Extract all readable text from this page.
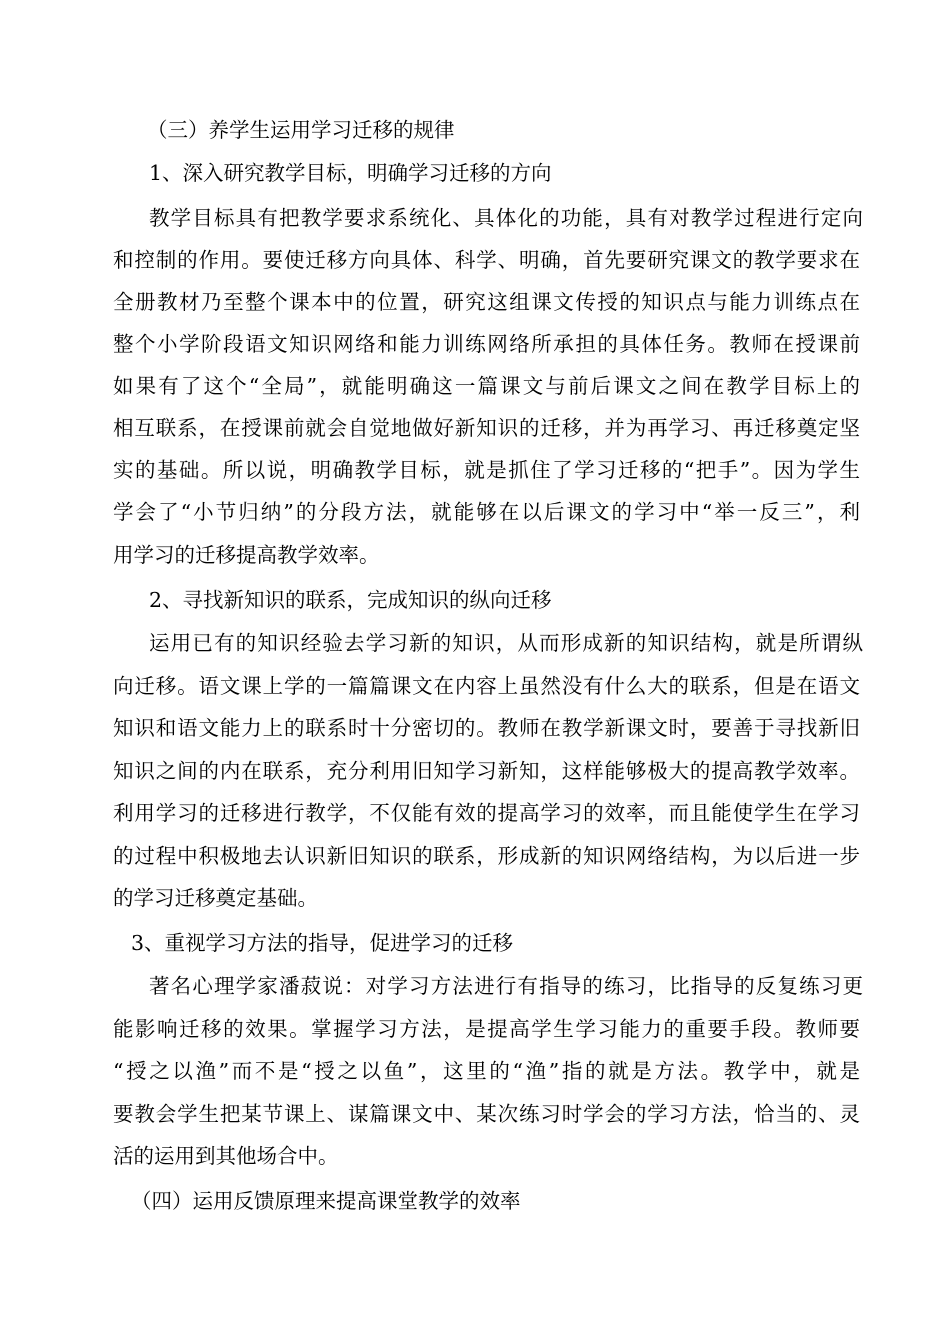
（三）养学生运用学习迁移的规律
1、深入研究教学目标，明确学习迁移的方向
教学目标具有把教学要求系统化、具体化的功能，具有对教学过程进行定向
和控制的作用。要使迁移方向具体、科学、明确，首先要研究课文的教学要求在
全册教材乃至整个课本中的位置，研究这组课文传授的知识点与能力训练点在
整个小学阶段语文知识网络和能力训练网络所承担的具体任务。教师在授课前
如果有了这个“全局”，就能明确这一篇课文与前后课文之间在教学目标上的
相互联系，在授课前就会自觉地做好新知识的迁移，并为再学习、再迁移奠定坚
实的基础。所以说，明确教学目标，就是抓住了学习迁移的“把手”。因为学生
学会了“小节归纳”的分段方法，就能够在以后课文的学习中“举一反三”，利
用学习的迁移提高教学效率。
2、寻找新知识的联系，完成知识的纵向迁移
运用已有的知识经验去学习新的知识，从而形成新的知识结构，就是所谓纵
向迁移。语文课上学的一篇篇课文在内容上虽然没有什么大的联系，但是在语文
知识和语文能力上的联系时十分密切的。教师在教学新课文时，要善于寻找新旧
知识之间的内在联系，充分利用旧知学习新知，这样能够极大的提高教学效率。
利用学习的迁移进行教学，不仅能有效的提高学习的效率，而且能使学生在学习
的过程中积极地去认识新旧知识的联系，形成新的知识网络结构，为以后进一步
的学习迁移奠定基础。
3、重视学习方法的指导，促进学习的迁移
著名心理学家潘菽说：对学习方法进行有指导的练习，比指导的反复练习更
能影响迁移的效果。掌握学习方法，是提高学生学习能力的重要手段。教师要
“授之以渔”而不是“授之以鱼”，这里的“渔”指的就是方法。教学中，就是
要教会学生把某节课上、谋篇课文中、某次练习时学会的学习方法，恰当的、灵
活的运用到其他场合中。
（四）运用反馈原理来提高课堂教学的效率
